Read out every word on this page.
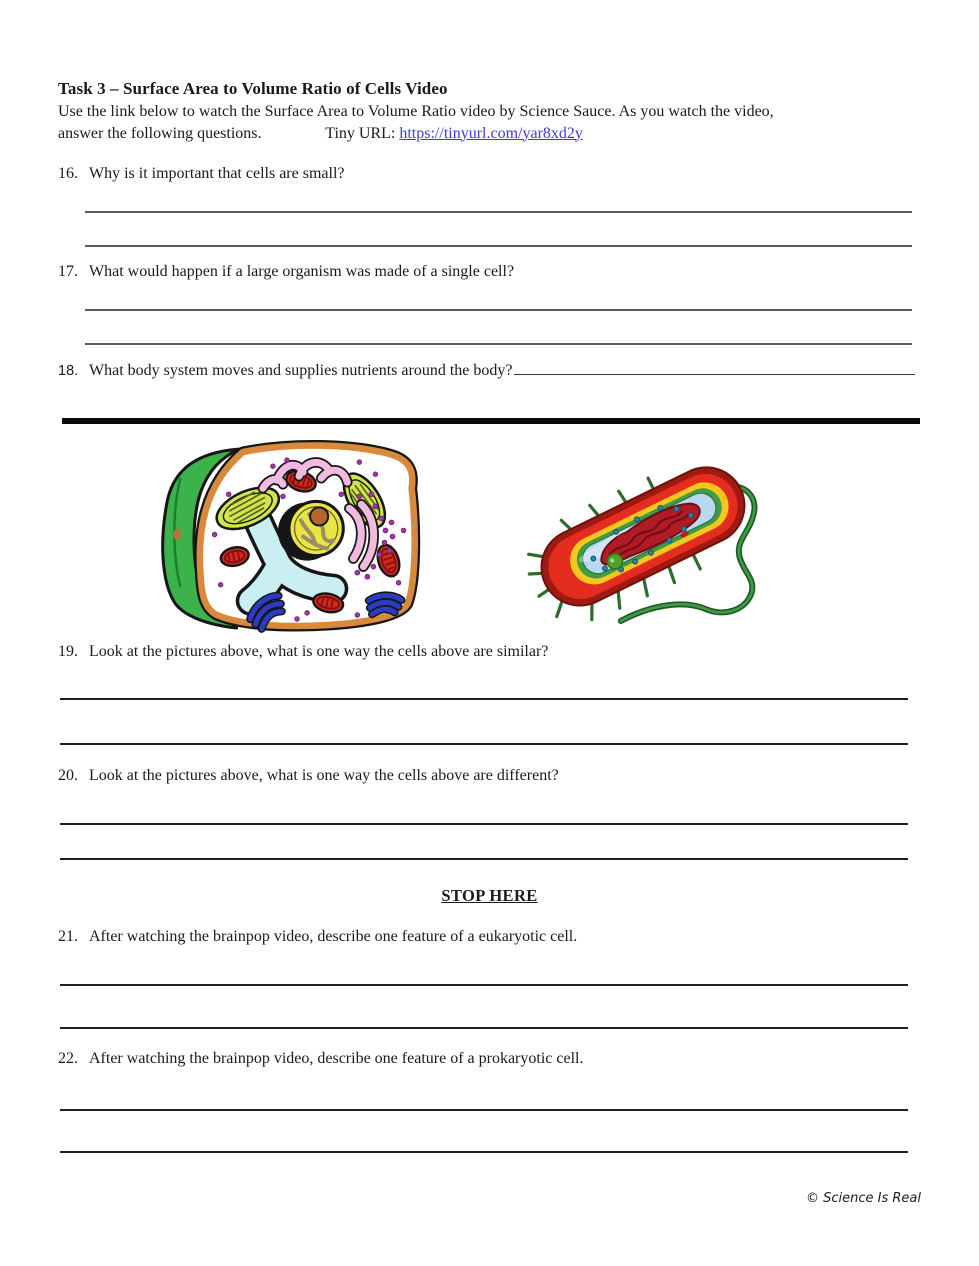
Task 3 – Surface Area to Volume Ratio of Cells Video
Use the link below to watch the Surface Area to Volume Ratio video by Science Sauce. As you watch the video,
answer the following questions.	Tiny URL: https://tinyurl.com/yar8xd2y
16. Why is it important that cells are small?
17. What would happen if a large organism was made of a single cell?
18. What body system moves and supplies nutrients around the body?
19. Look at the pictures above, what is one way the cells above are similar?
20. Look at the pictures above, what is one way the cells above are different?
STOP HERE
21. After watching the brainpop video, describe one feature of a eukaryotic cell.
22. After watching the brainpop video, describe one feature of a prokaryotic cell.
© Science Is Real
